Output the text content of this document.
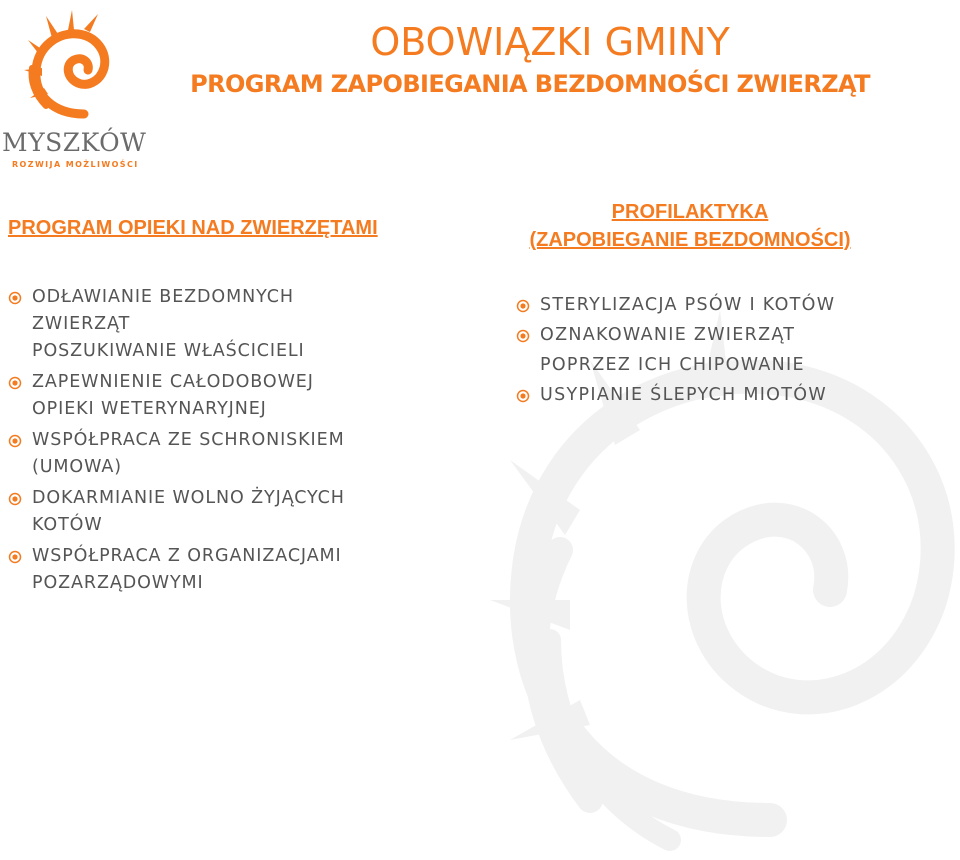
MYSZKÓW
ROZWIJA MOŻLIWOŚCI
OBOWIĄZKI GMINY
PROGRAM ZAPOBIEGANIA BEZDOMNOŚCI ZWIERZĄT
PROGRAM OPIEKI NAD ZWIERZĘTAMI
ODŁAWIANIE BEZDOMNYCH
ZWIERZĄT
POSZUKIWANIE WŁAŚCICIELI
ZAPEWNIENIE CAŁODOBOWEJ
OPIEKI WETERYNARYJNEJ
WSPÓŁPRACA ZE SCHRONISKIEM
(UMOWA)
DOKARMIANIE WOLNO ŻYJĄCYCH
KOTÓW
WSPÓŁPRACA Z ORGANIZACJAMI
POZARZĄDOWYMI
PROFILAKTYKA
(ZAPOBIEGANIE BEZDOMNOŚCI)
STERYLIZACJA PSÓW I KOTÓW
OZNAKOWANIE ZWIERZĄT
POPRZEZ ICH CHIPOWANIE
USYPIANIE ŚLEPYCH MIOTÓW
